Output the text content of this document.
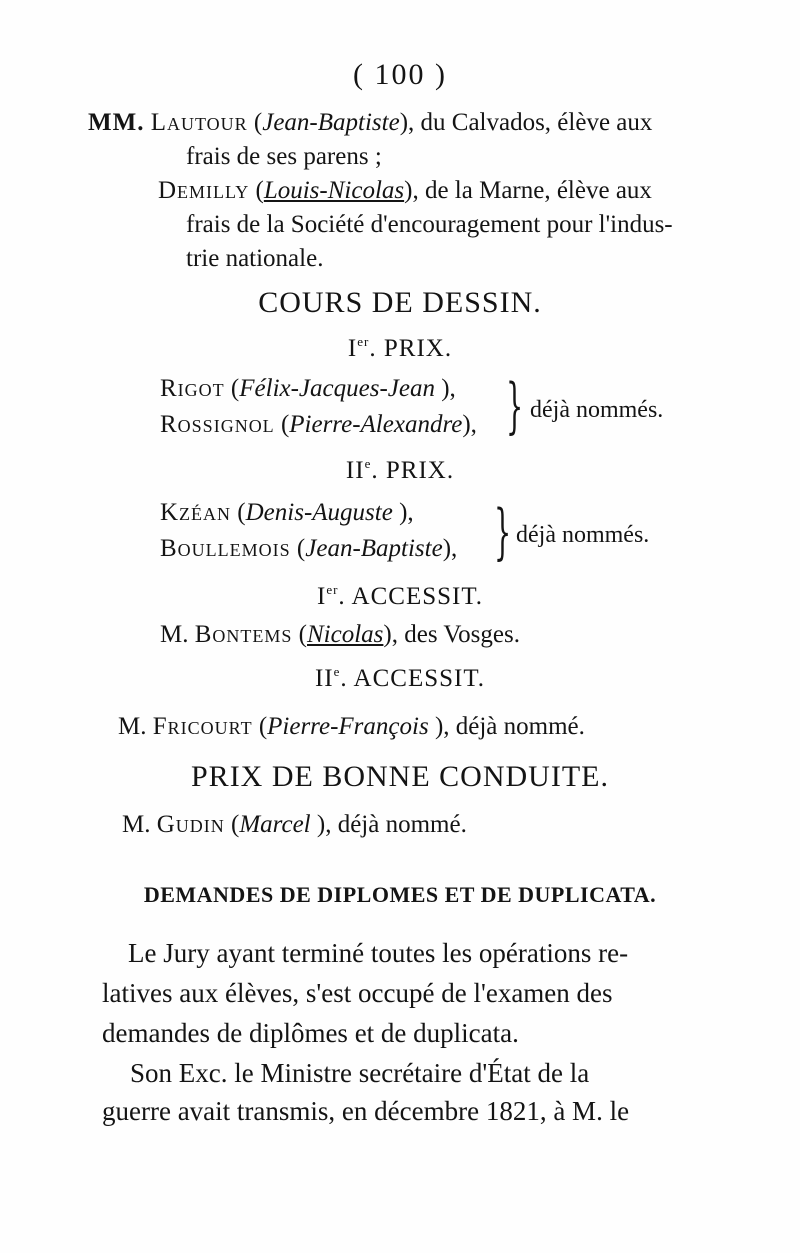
( 100 )
MM. Lautour (Jean-Baptiste), du Calvados, élève aux
frais de ses parens ;
Demilly (Louis-Nicolas), de la Marne, élève aux
frais de la Société d'encouragement pour l'indus-
trie nationale.
COURS DE DESSIN.
Ier. PRIX.
Rigot (Félix-Jacques-Jean ),
Rossignol (Pierre-Alexandre), } déjà nommés.
IIe. PRIX.
Kzéan (Denis-Auguste ),
Boullemois (Jean-Baptiste), } déjà nommés.
Ier. ACCESSIT.
M. Bontems (Nicolas), des Vosges.
IIe. ACCESSIT.
M. Fricourt (Pierre-François ), déjà nommé.
PRIX DE BONNE CONDUITE.
M. Gudin (Marcel ), déjà nommé.
DEMANDES DE DIPLOMES ET DE DUPLICATA.
Le Jury ayant terminé toutes les opérations re-
latives aux élèves, s'est occupé de l'examen des
demandes de diplômes et de duplicata.
Son Exc. le Ministre secrétaire d'État de la
guerre avait transmis, en décembre 1821, à M. le
